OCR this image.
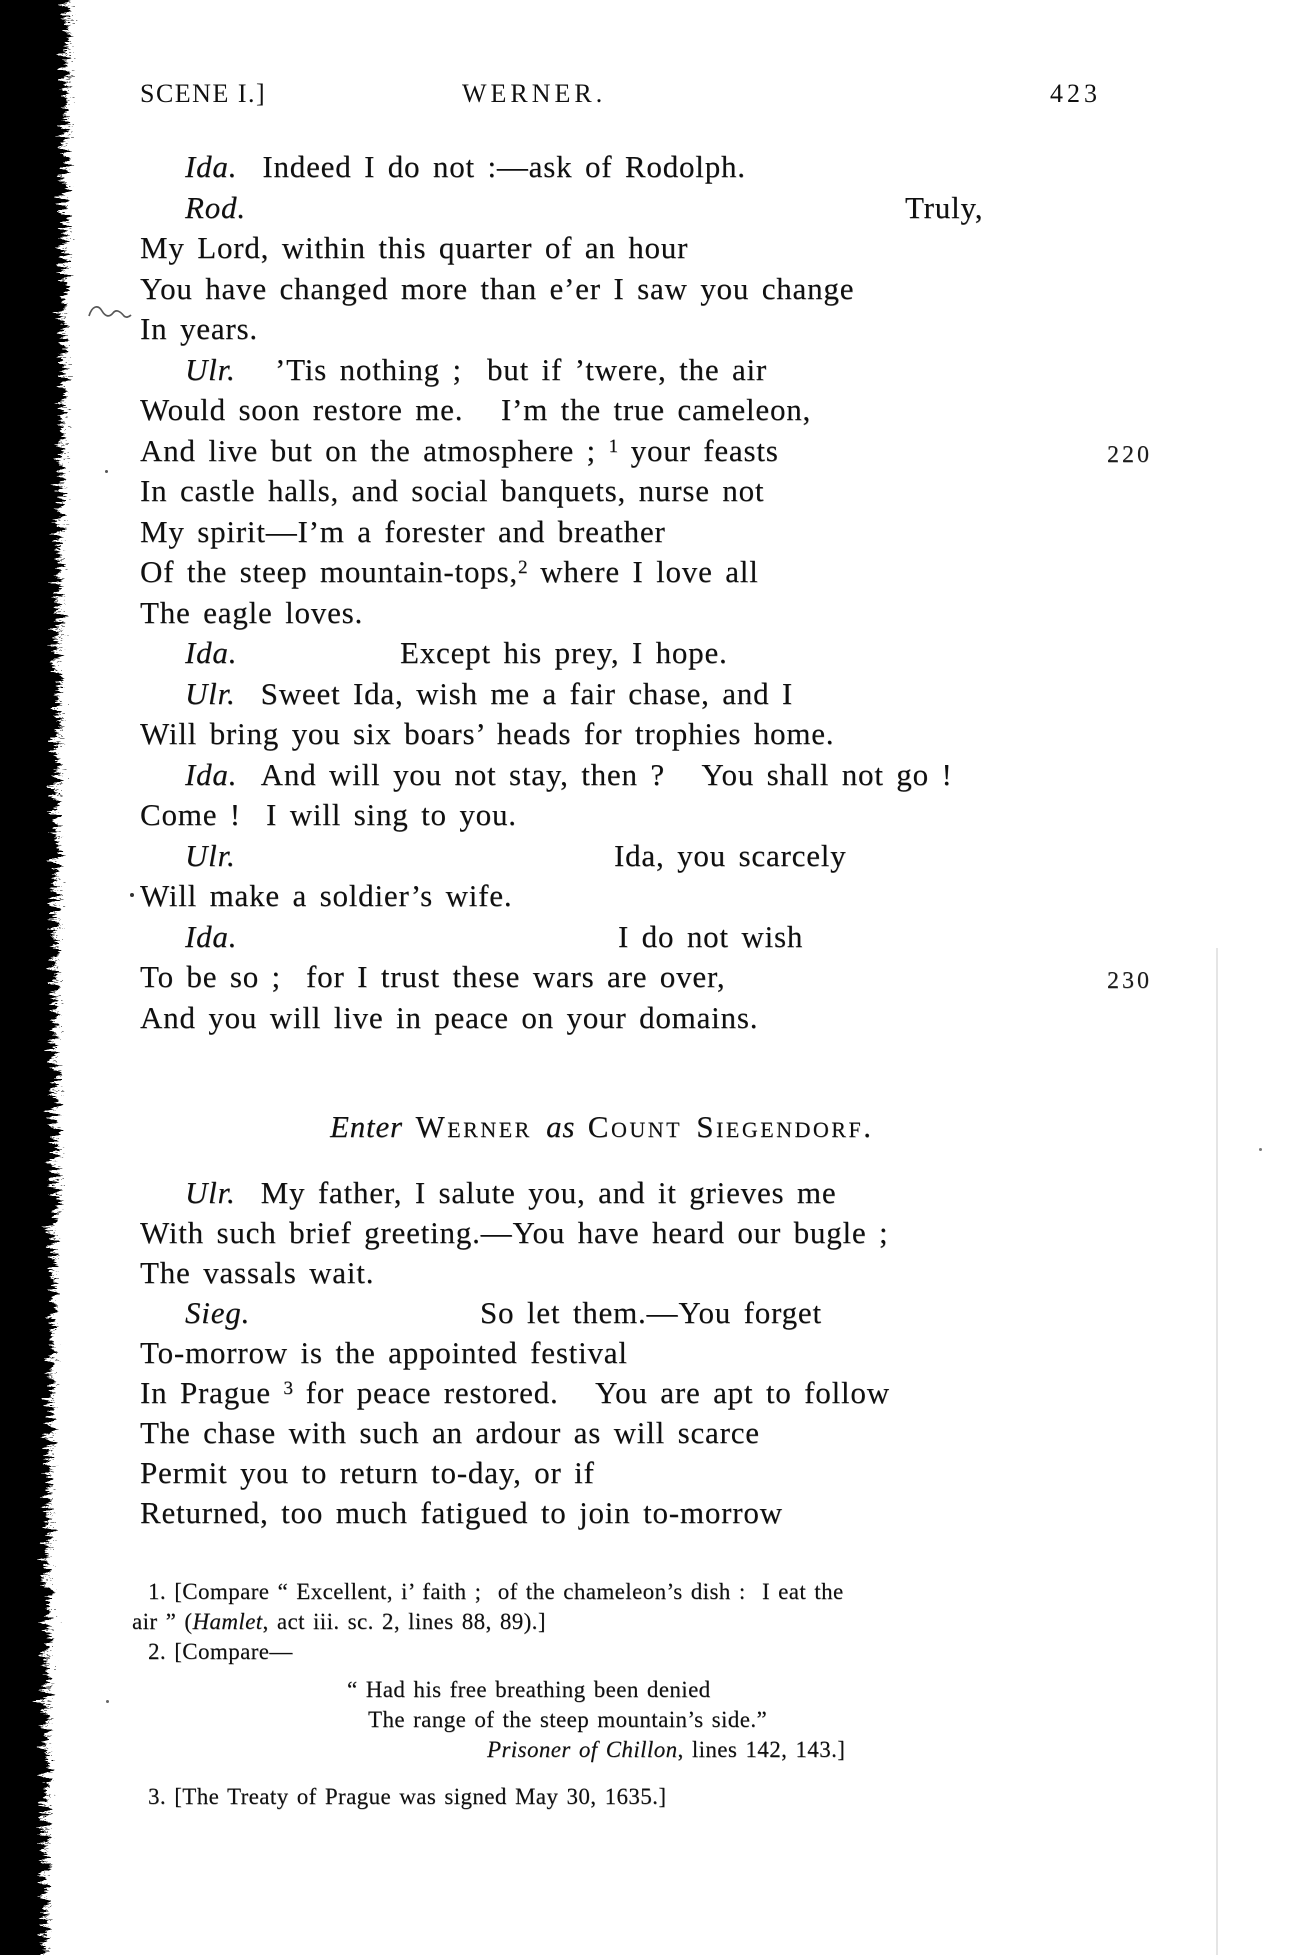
SCENE I.]

	WERNER.

	423

Ida.  Indeed I do not :—ask of Rodolph.
Rod.	Truly,
My Lord, within this quarter of an hour
You have changed more than e’er I saw you change
In years.
Ulr. ’Tis nothing ;  but if ’twere, the air
Would soon restore me.   I’m the true cameleon,
And live but on the atmosphere ; $^1$ your feasts	220
In castle halls, and social banquets, nurse not
My spirit—I’m a forester and breather
Of the steep mountain-tops,$^2$ where I love all
The eagle loves.
Ida.	Except his prey, I hope.
Ulr.  Sweet Ida, wish me a fair chase, and I
Will bring you six boars’ heads for trophies home.
Ida.  And will you not stay, then ?   You shall not go !
Come !  I will sing to you.
Ulr.	Ida, you scarcely
Will make a soldier’s wife.
Ida.	I do not wish
To be so ;  for I trust these wars are over,	230
And you will live in peace on your domains.
Enter Werner as Count Siegendorf.
Ulr.  My father, I salute you, and it grieves me
With such brief greeting.—You have heard our bugle ;
The vassals wait.
Sieg.	So let them.—You forget
To-morrow is the appointed festival
In Prague $^3$ for peace restored.   You are apt to follow
The chase with such an ardour as will scarce
Permit you to return to-day, or if
Returned, too much fatigued to join to-morrow
1. [Compare “ Excellent, i’ faith ;  of the chameleon’s dish :  I eat the
air ” (Hamlet, act iii. sc. 2, lines 88, 89).]
2. [Compare—
“ Had his free breathing been denied
The range of the steep mountain’s side.”
Prisoner of Chillon, lines 142, 143.]
3. [The Treaty of Prague was signed May 30, 1635.]
